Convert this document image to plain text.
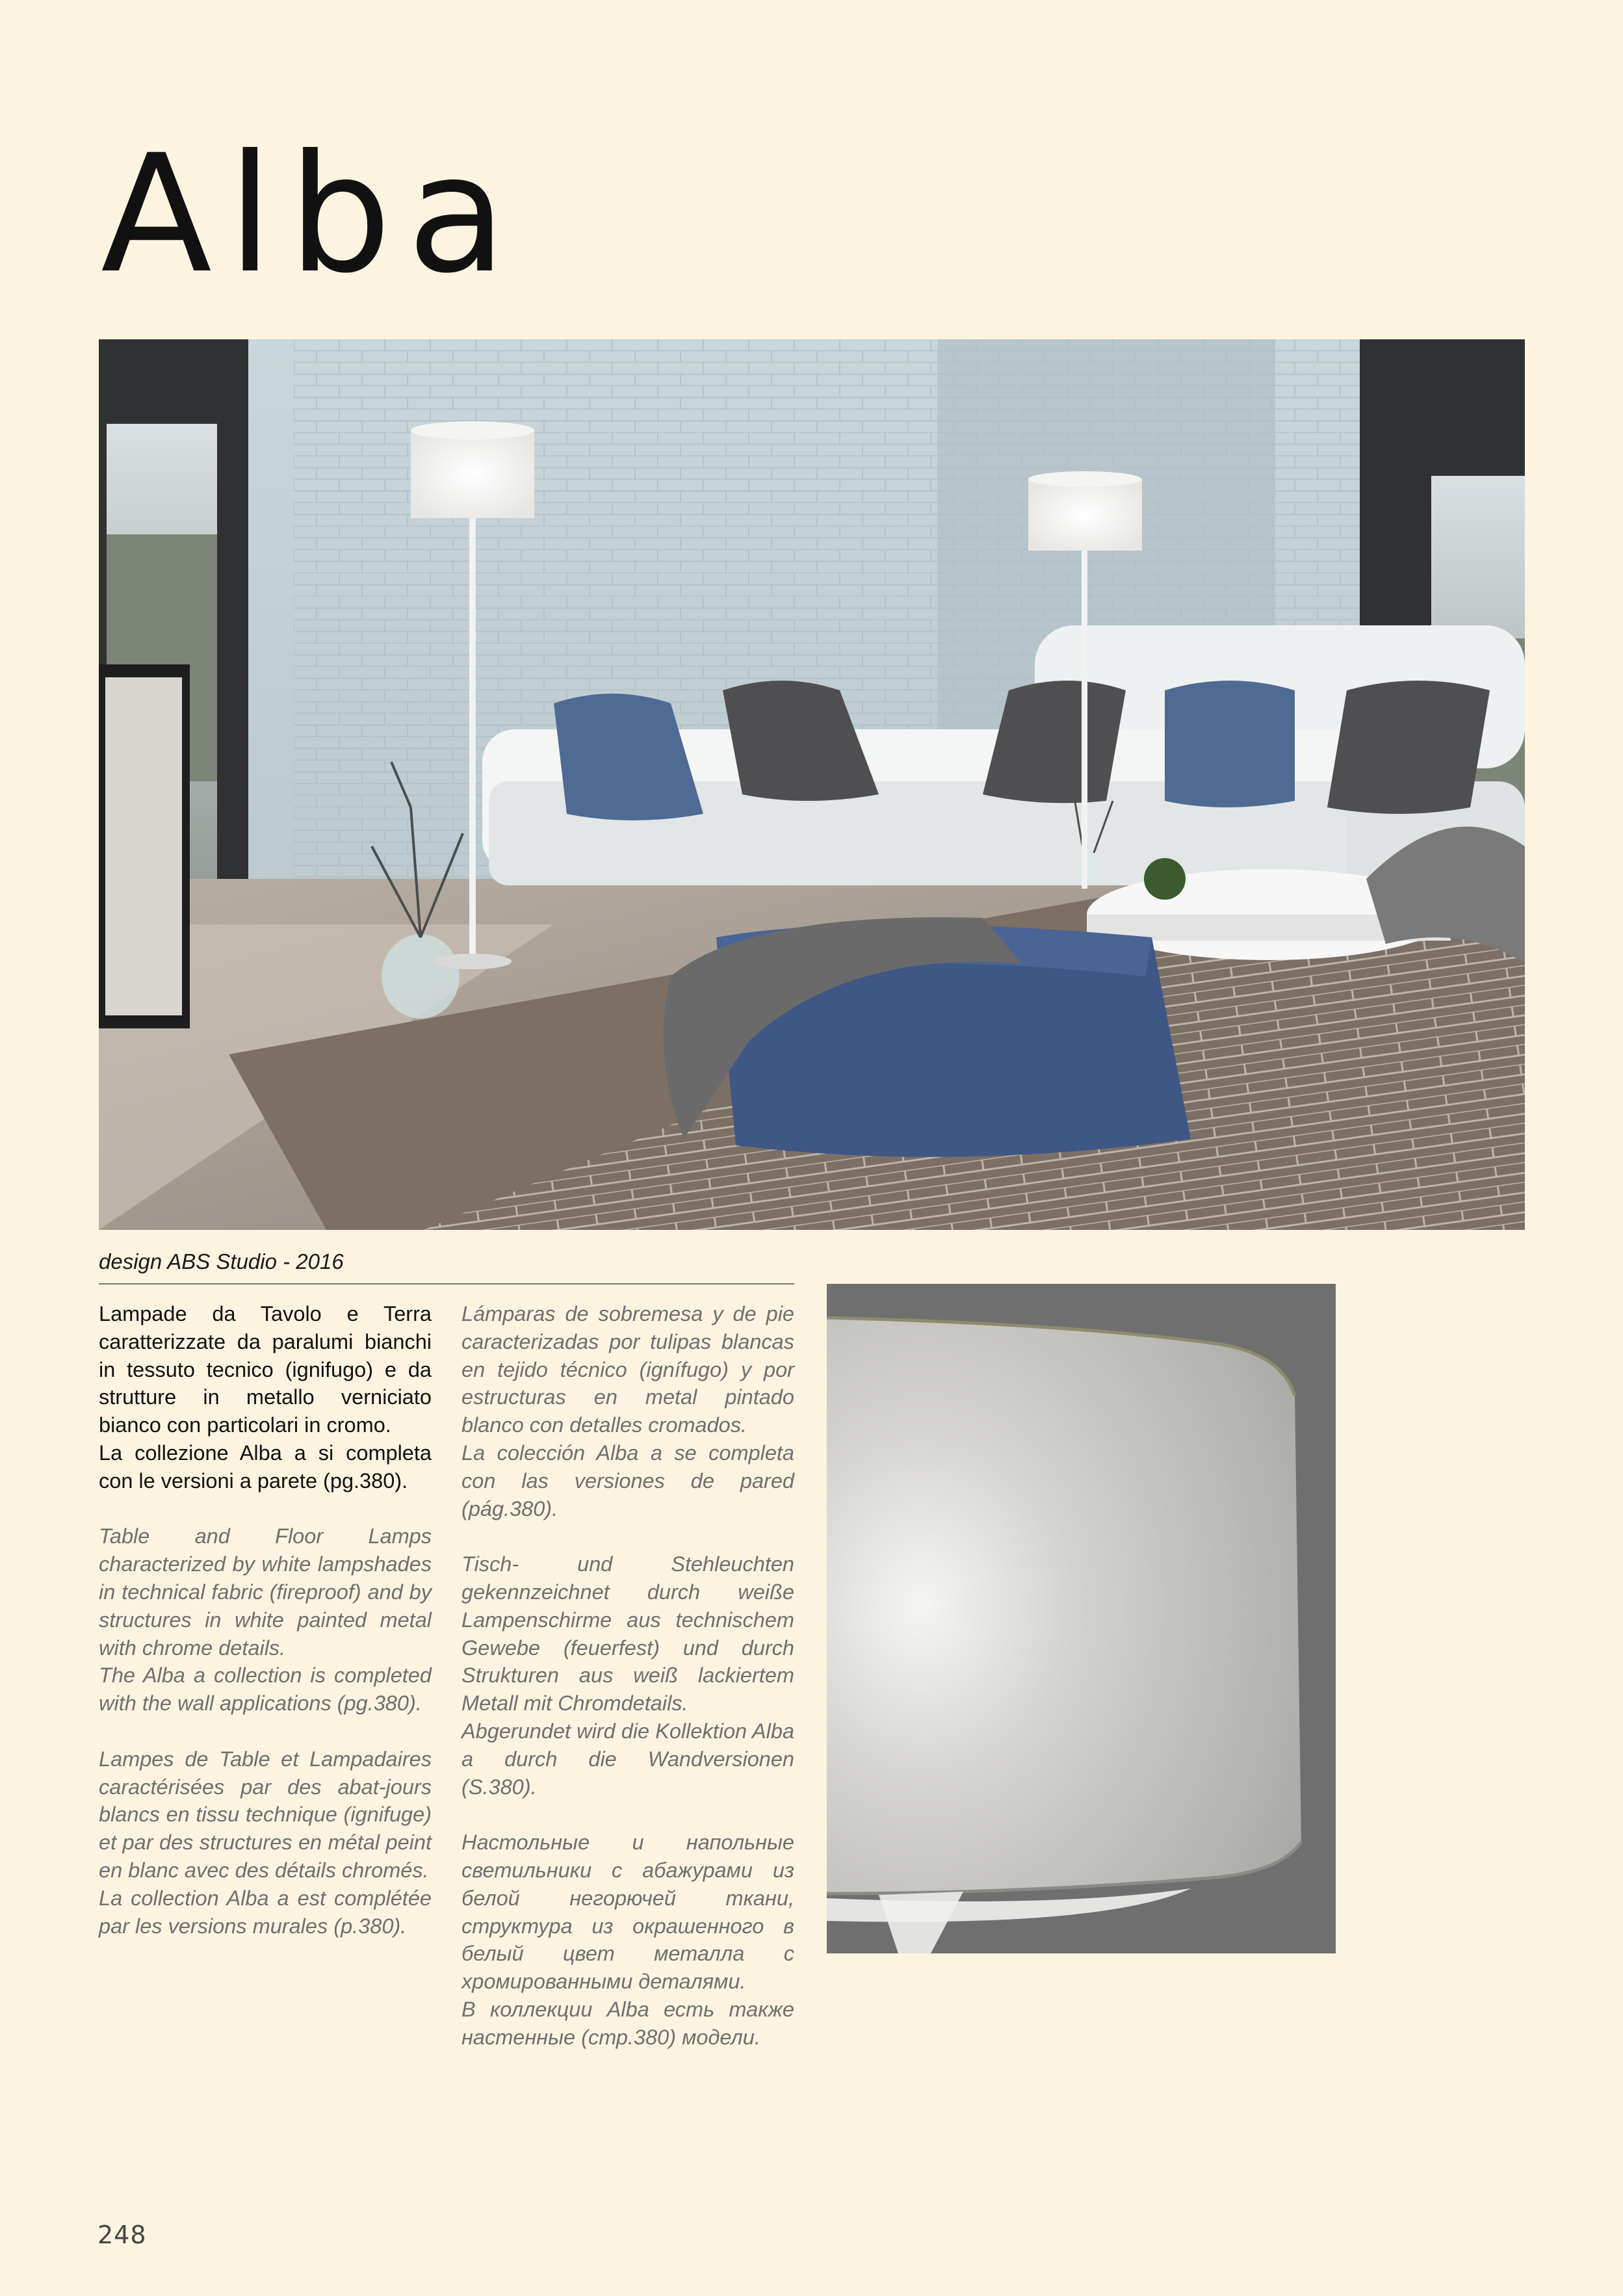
Alba
design ABS Studio - 2016

Lampade da Tavolo e Terra caratterizzate da paralumi bianchi in tessuto tecnico (ignifugo) e da strutture in metallo verniciato bianco con particolari in cromo.
La collezione Alba a si completa con le versioni a parete (pg.380).

Table and Floor Lamps characterized by white lampshades in technical fabric (fireproof) and by structures in white painted metal with chrome details.
The Alba a collection is completed with the wall applications (pg.380).

Lampes de Table et Lampadaires caractérisées par des abat-jours blancs en tissu technique (ignifuge) et par des structures en métal peint en blanc avec des détails chromés.
La collection Alba a est complétée par les versions murales (p.380).

Lámparas de sobremesa y de pie caracterizadas por tulipas blancas en tejido técnico (ignífugo) y por estructuras en metal pintado blanco con detalles cromados.
La colección Alba a se completa con las versiones de pared (pág.380).

Tisch- und Stehleuchten gekennzeichnet durch weiße Lampenschirme aus technischem Gewebe (feuerfest) und durch Strukturen aus weiß lackiertem Metall mit Chromdetails.
Abgerundet wird die Kollektion Alba a durch die Wandversionen (S.380).

Настольные и напольные светильники с абажурами из белой негорючей ткани, структура из окрашенного в белый цвет металла с хромированными деталями.
В коллекции Alba есть также настенные (стр.380) модели.

248
